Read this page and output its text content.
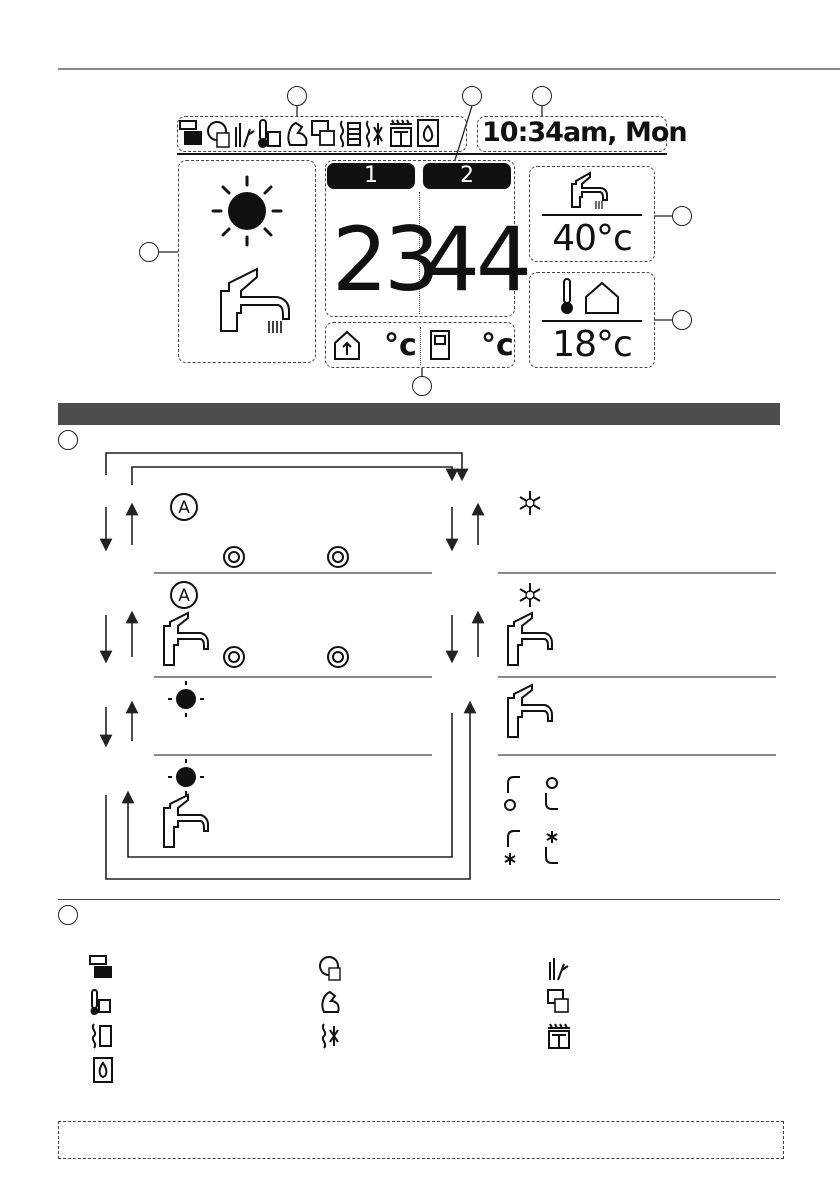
10:34am, Mon
1	2
23
44
°c °c
40°c
18°c
A
A
